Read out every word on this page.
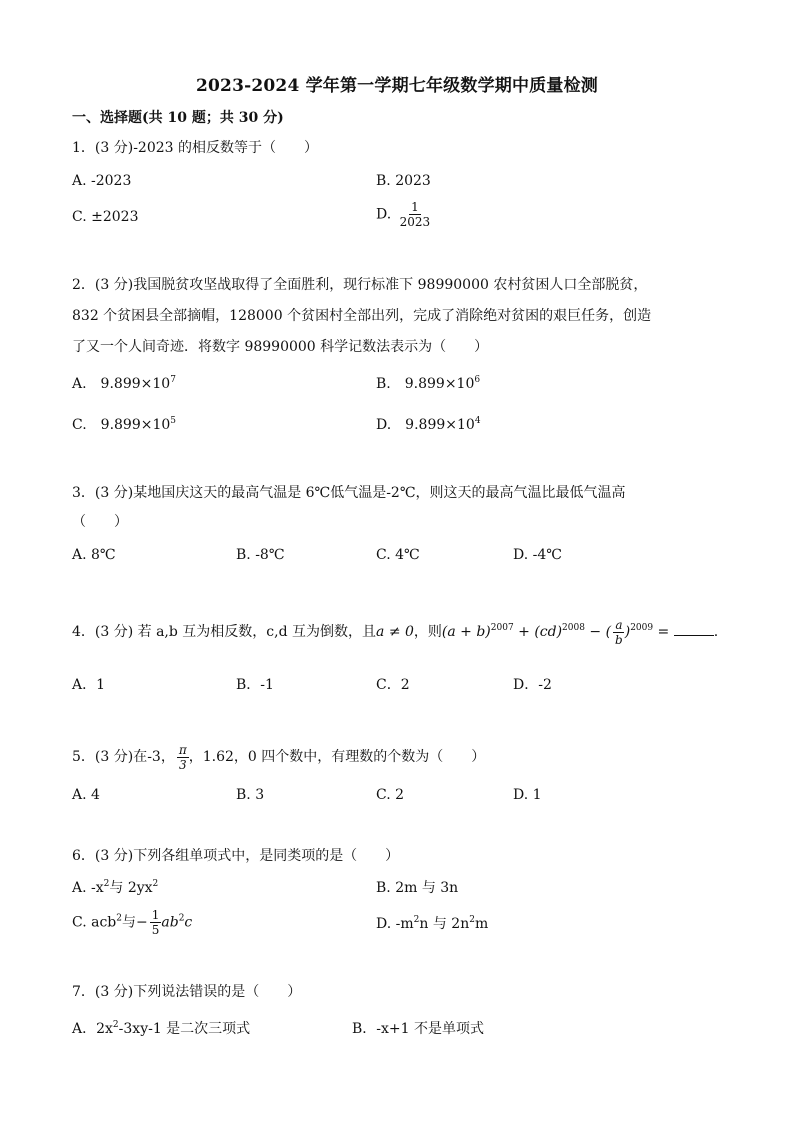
2023-2024 学年第一学期七年级数学期中质量检测
一、选择题(共 10 题；共 30 分)
1．(3 分)-2023 的相反数等于（　　）
A. -2023	B. 2023
C. ±2023	D. $\frac{1}{2023}$
2．(3 分)我国脱贫攻坚战取得了全面胜利，现行标准下 98990000 农村贫困人口全部脱贫，
832 个贫困县全部摘帽，128000 个贫困村全部出列，完成了消除绝对贫困的艰巨任务，创造
了又一个人间奇迹．将数字 98990000 科学记数法表示为（　　）
A.　$9.899\times 10^7$	B.　$9.899\times 10^6$
C.　$9.899\times 10^5$	D.　$9.899\times 10^4$
3．(3 分)某地国庆这天的最高气温是 6℃低气温是-2℃，则这天的最高气温比最低气温高
（　　）
A. 8℃	B. -8℃	C. 4℃	D. -4℃
4．(3 分) 若 a,b 互为相反数，c,d 互为倒数，且a ≠ 0，则$(a + b)^{2007} + (cd)^{2008}$ − ( $\frac{a}{b} )^{2009}$ =	.
A．1	B．-1	C．2	D．-2
5．(3 分)在-3， $\frac{\pi}{3}$ ，1.62，0 四个数中，有理数的个数为（　　）
A. 4	B. 3	C. 2	D. 1
6．(3 分)下列各组单项式中，是同类项的是（　　）
A. $-x^2$与 $2yx^2$	B. 2m 与 3n
C. acb$^2$与− $\frac{1}{5} ab^2c$	D. $-m^2n$ 与 $2n^2m$
7．(3 分)下列说法错误的是（　　）
A．$2x^2-3xy-1$ 是二次三项式	B．-x+1 不是单项式
